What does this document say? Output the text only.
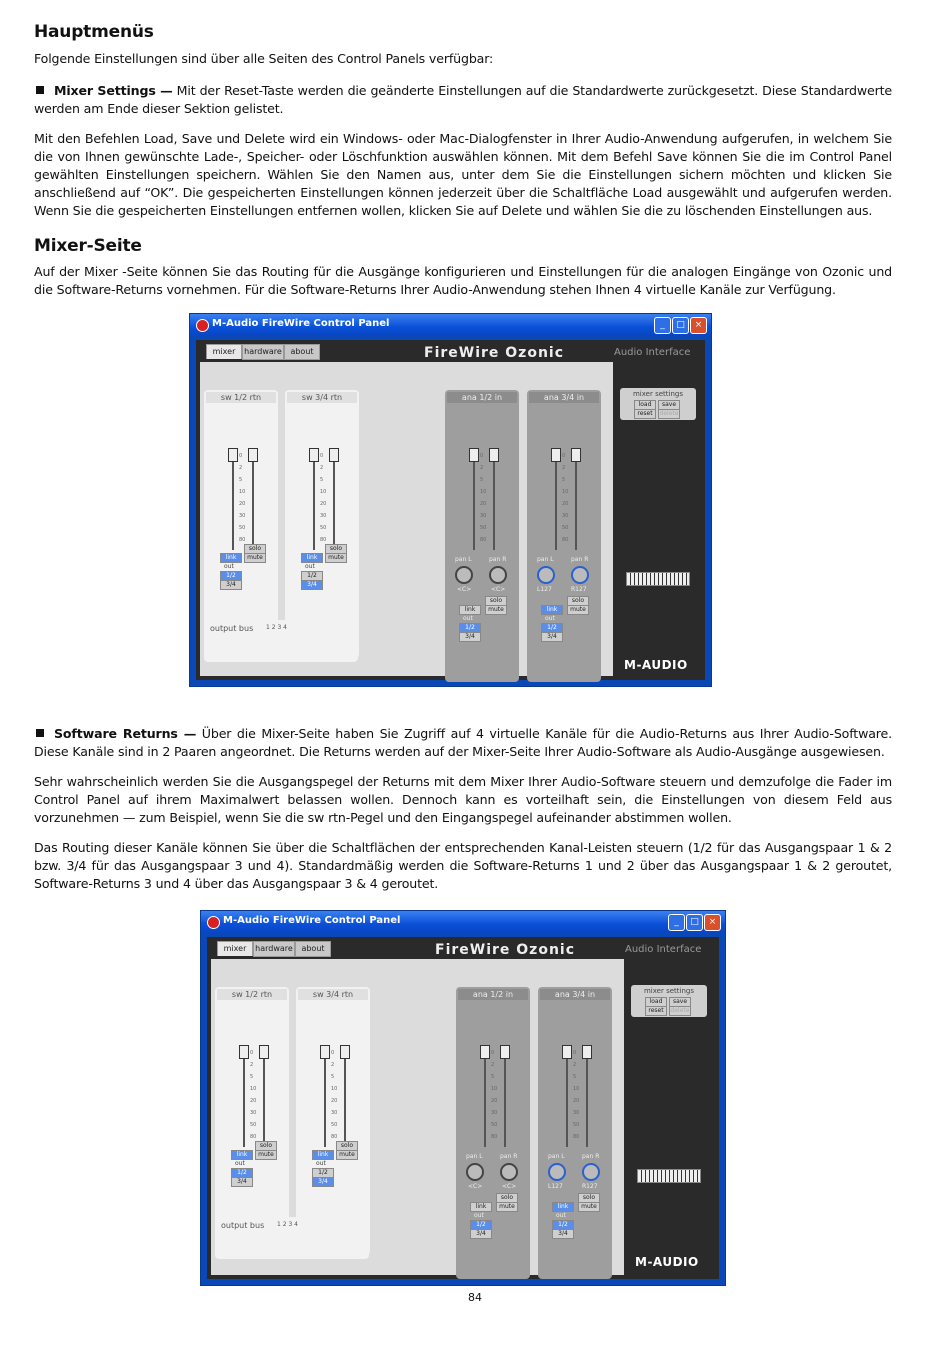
Hauptmenüs

Folgende Einstellungen sind über alle Seiten des Control Panels verfügbar:

Mixer Settings — Mit der Reset-Taste werden die geänderte Einstellungen auf die Standardwerte zurückgesetzt. Diese Standardwerte werden am Ende dieser Sektion gelistet.

Mit den Befehlen Load, Save und Delete wird ein Windows- oder Mac-Dialogfenster in Ihrer Audio-Anwendung aufgerufen, in welchem Sie die von Ihnen gewünschte Lade-, Speicher- oder Löschfunktion auswählen können. Mit dem Befehl Save können Sie die im Control Panel gewählten Einstellungen speichern. Wählen Sie den Namen aus, unter dem Sie die Einstellungen sichern möchten und klicken Sie anschließend auf “OK”. Die gespeicherten Einstellungen können jederzeit über die Schaltfläche Load ausgewählt und aufgerufen werden. Wenn Sie die gespeicherten Einstellungen entfernen wollen, klicken Sie auf Delete und wählen Sie die zu löschenden Einstellungen aus.

Mixer-Seite

Auf der Mixer -Seite können Sie das Routing für die Ausgänge konfigurieren und Einstellungen für die analogen Eingänge von Ozonic und die Software-Returns vornehmen. Für die Software-Returns Ihrer Audio-Anwendung stehen Ihnen 4 virtuelle Kanäle zur Verfügung.

Software Returns — Über die Mixer-Seite haben Sie Zugriff auf 4 virtuelle Kanäle für die Audio-Returns aus Ihrer Audio-Software. Diese Kanäle sind in 2 Paaren angeordnet. Die Returns werden auf der Mixer-Seite Ihrer Audio-Software als Audio-Ausgänge ausgewiesen.

Sehr wahrscheinlich werden Sie die Ausgangspegel der Returns mit dem Mixer Ihrer Audio-Software steuern und demzufolge die Fader im Control Panel auf ihrem Maximalwert belassen wollen. Dennoch kann es vorteilhaft sein, die Einstellungen von diesem Feld aus vorzunehmen — zum Beispiel, wenn Sie die sw rtn-Pegel und den Eingangspegel aufeinander abstimmen wollen.

Das Routing dieser Kanäle können Sie über die Schaltflächen der entsprechenden Kanal-Leisten steuern (1/2 für das Ausgangspaar 1 & 2 bzw. 3/4 für das Ausgangspaar 3 und 4). Standardmäßig werden die Software-Returns 1 und 2 über das Ausgangspaar 1 & 2 geroutet, Software-Returns 3 und 4 über das Ausgangspaar 3 & 4 geroutet.

M-Audio FireWire Control Panel	_	□	×
mixer	hardware	about	FireWire Ozonic	Audio Interface
sw 1/2 rtn
solo
link	mute
out
1/2
3/4
0
2
5
10
20
30
50
80
sw 3/4 rtn
solo
link	mute
out
1/2
3/4
0
2
5
10
20
30
50
80
output bus 1 2 3 4
ana 1/2 in
pan L	pan R
<C>	<C>
solo
link	mute
out
1/2
3/4
0
2
5
10
20
30
50
80
ana 3/4 in
pan L	pan R
L127	R127
solo
link	mute
out
1/2
3/4
0
2
5
10
20
30
50
80
mixer settings
load	save
reset	delete
M-AUDIO
M-Audio FireWire Control Panel	_	□	×
mixer	hardware	about	FireWire Ozonic	Audio Interface
sw 1/2 rtn
solo
link	mute
out
1/2
3/4
0
2
5
10
20
30
50
80
sw 3/4 rtn
solo
link	mute
out
1/2
3/4
0
2
5
10
20
30
50
80
output bus 1 2 3 4
ana 1/2 in
pan L	pan R
<C>	<C>
solo
link	mute
out
1/2
3/4
0
2
5
10
20
30
50
80
ana 3/4 in
pan L	pan R
L127	R127
solo
link	mute
out
1/2
3/4
0
2
5
10
20
30
50
80
mixer settings
load	save
reset	delete
M-AUDIO
84
